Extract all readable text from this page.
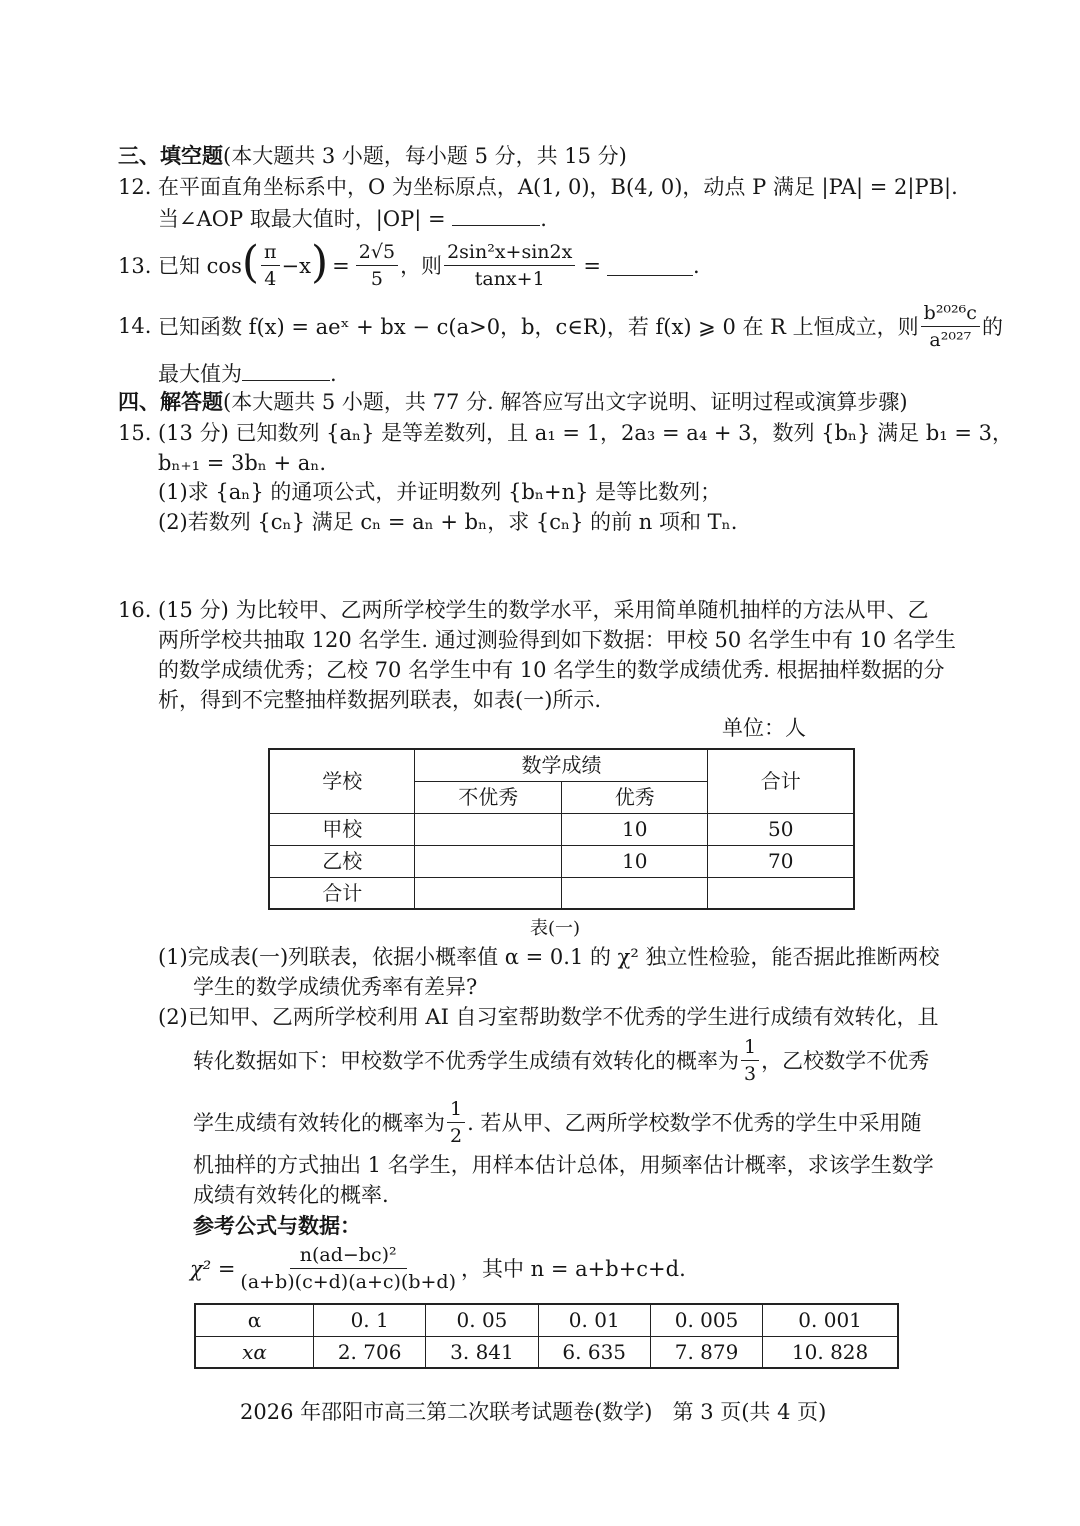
三、填空题(本大题共 3 小题，每小题 5 分，共 15 分)
12. 在平面直角坐标系中，O 为坐标原点，A(1, 0)，B(4, 0)，动点 P 满足 |PA| = 2|PB|.
当∠AOP 取最大值时，|OP| =	.
13. 已知 cos ( $\frac{\pi}{4} -x$ ) = $\frac{2√5}{5}$ ，则 $\frac{\text{2sin²x+sin2x}}{\tan x+1}$ =	.
14. 已知函数 f(x) = aeˣ + bx − c(a>0，b，c∈R)，若 f(x) ⩾ 0 在 R 上恒成立，则 $\frac{\text{b²⁰²⁶c}}{\text{a²⁰²⁷}}$ 的
最大值为	.
四、解答题(本大题共 5 小题，共 77 分. 解答应写出文字说明、证明过程或演算步骤)
15. (13 分) 已知数列 {aₙ} 是等差数列，且 a₁ = 1，2a₃ = a₄ + 3，数列 {bₙ} 满足 b₁ = 3，
bₙ₊₁ = 3bₙ + aₙ.
(1)求 {aₙ} 的通项公式，并证明数列 {bₙ+n} 是等比数列；
(2)若数列 {cₙ} 满足 cₙ = aₙ + bₙ，求 {cₙ} 的前 n 项和 Tₙ.
16. (15 分) 为比较甲、乙两所学校学生的数学水平，采用简单随机抽样的方法从甲、乙
两所学校共抽取 120 名学生. 通过测验得到如下数据：甲校 50 名学生中有 10 名学生
的数学成绩优秀；乙校 70 名学生中有 10 名学生的数学成绩优秀. 根据抽样数据的分
析，得到不完整抽样数据列联表，如表(一)所示.
单位：人
学校	数学成绩		合计
	不优秀	优秀	
甲校		10	50
乙校		10	70
合计			
表(一)
(1)完成表(一)列联表，依据小概率值 α = 0.1 的 χ² 独立性检验，能否据此推断两校
学生的数学成绩优秀率有差异?
(2)已知甲、乙两所学校利用 AI 自习室帮助数学不优秀的学生进行成绩有效转化，且
转化数据如下：甲校数学不优秀学生成绩有效转化的概率为 $\frac{1}{3}$ ，乙校数学不优秀
学生成绩有效转化的概率为 $\frac{1}{2}$ . 若从甲、乙两所学校数学不优秀的学生中采用随
机抽样的方式抽出 1 名学生，用样本估计总体，用频率估计概率，求该学生数学
成绩有效转化的概率.
参考公式与数据：
$\chi^2 = \frac{\text{n(ad−bc)²}}{(a+b)(c+d)(a+c)(b+d)}$ ，其中 n = a+b+c+d.
α	0. 1	0. 05	0. 01	0. 005	0. 001
xα	2. 706	3. 841	6. 635	7. 879	10. 828
2026 年邵阳市高三第二次联考试题卷(数学)   第 3 页(共 4 页)
